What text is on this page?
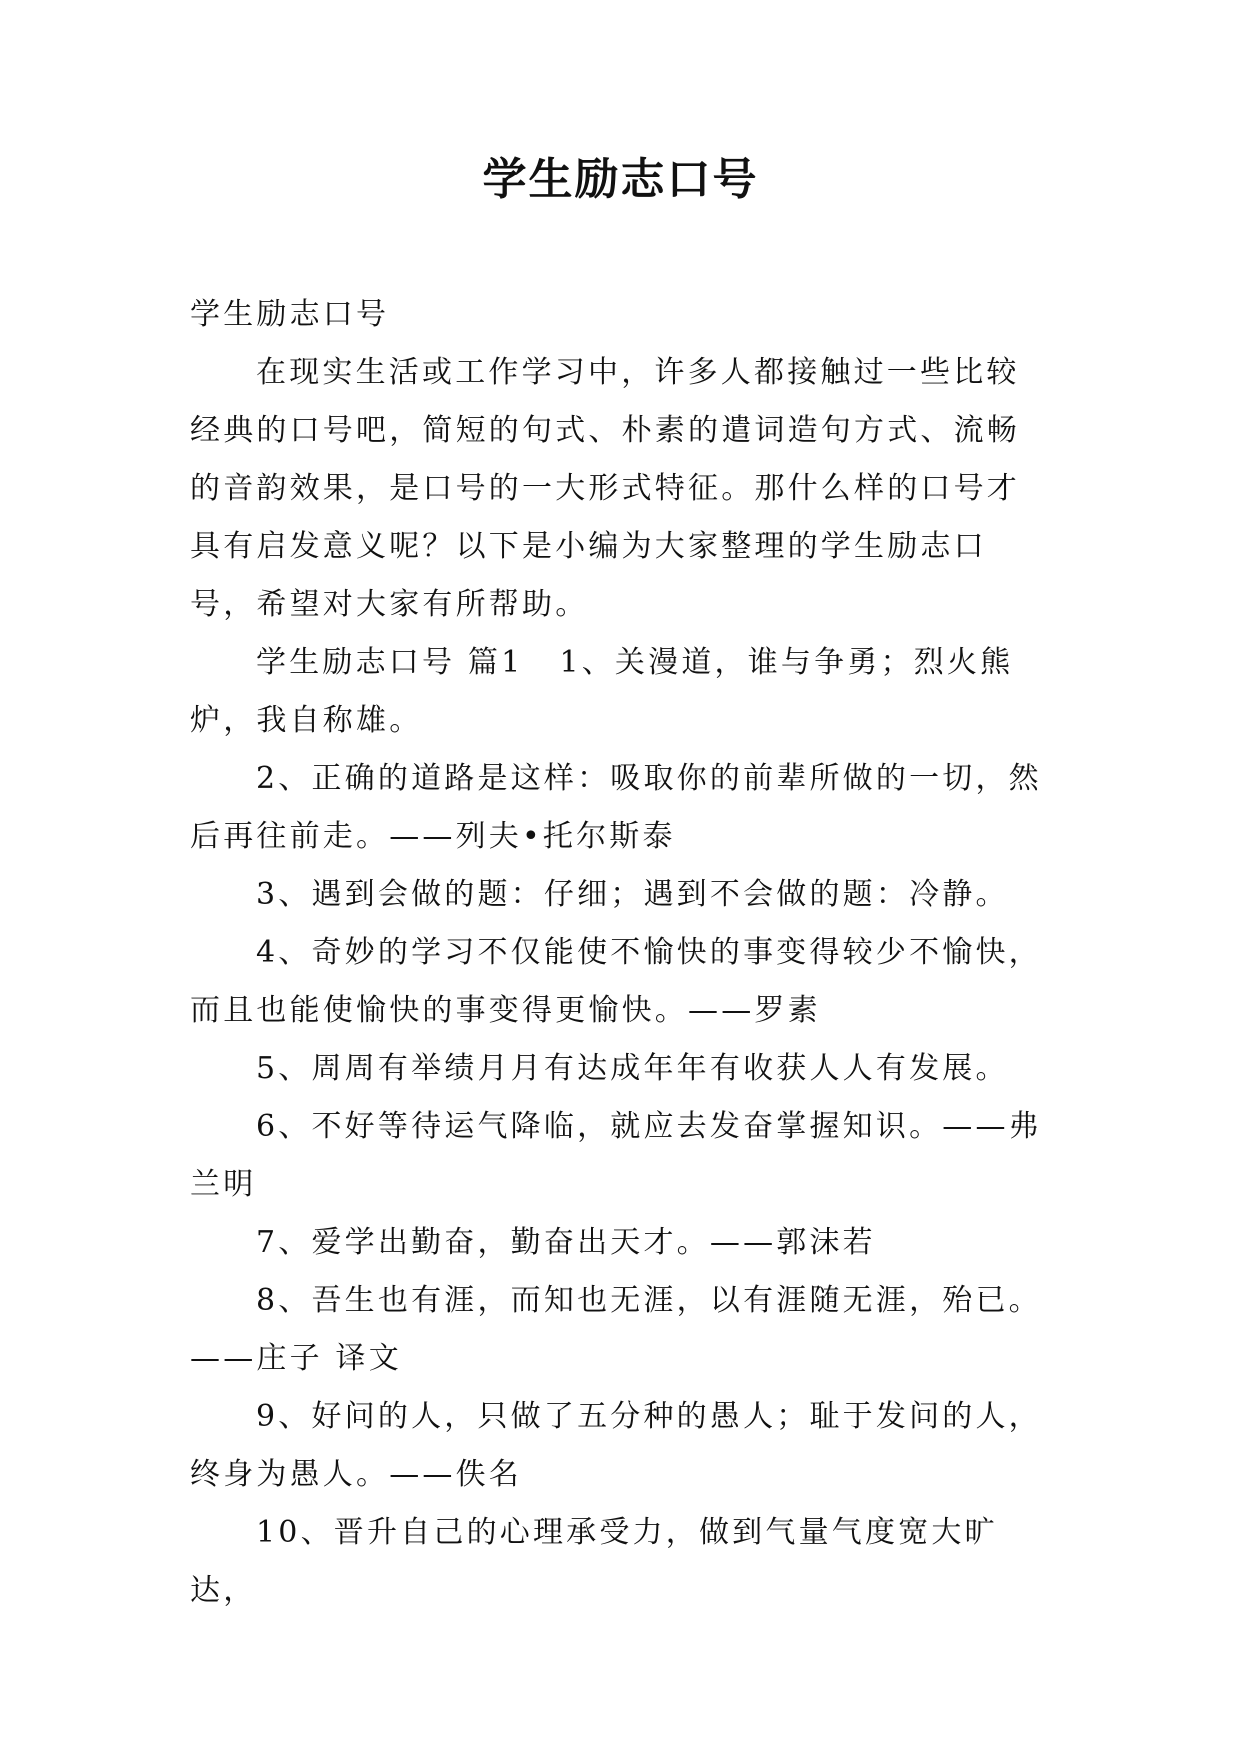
学生励志口号

学生励志口号

在现实生活或工作学习中，许多人都接触过一些比较经典的口号吧，简短的句式、朴素的遣词造句方式、流畅的音韵效果，是口号的一大形式特征。那什么样的口号才具有启发意义呢？以下是小编为大家整理的学生励志口号，希望对大家有所帮助。

学生励志口号 篇1 1、关漫道，谁与争勇；烈火熊炉，我自称雄。

2、正确的道路是这样：吸取你的前辈所做的一切，然后再往前走。——列夫•托尔斯泰

3、遇到会做的题：仔细；遇到不会做的题：冷静。

4、奇妙的学习不仅能使不愉快的事变得较少不愉快，而且也能使愉快的事变得更愉快。——罗素

5、周周有举绩月月有达成年年有收获人人有发展。

6、不好等待运气降临，就应去发奋掌握知识。——弗兰明

7、爱学出勤奋，勤奋出天才。——郭沫若

8、吾生也有涯，而知也无涯，以有涯随无涯，殆已。——庄子 译文

9、好问的人，只做了五分种的愚人；耻于发问的人，终身为愚人。——佚名

10、晋升自己的心理承受力，做到气量气度宽大旷达，
